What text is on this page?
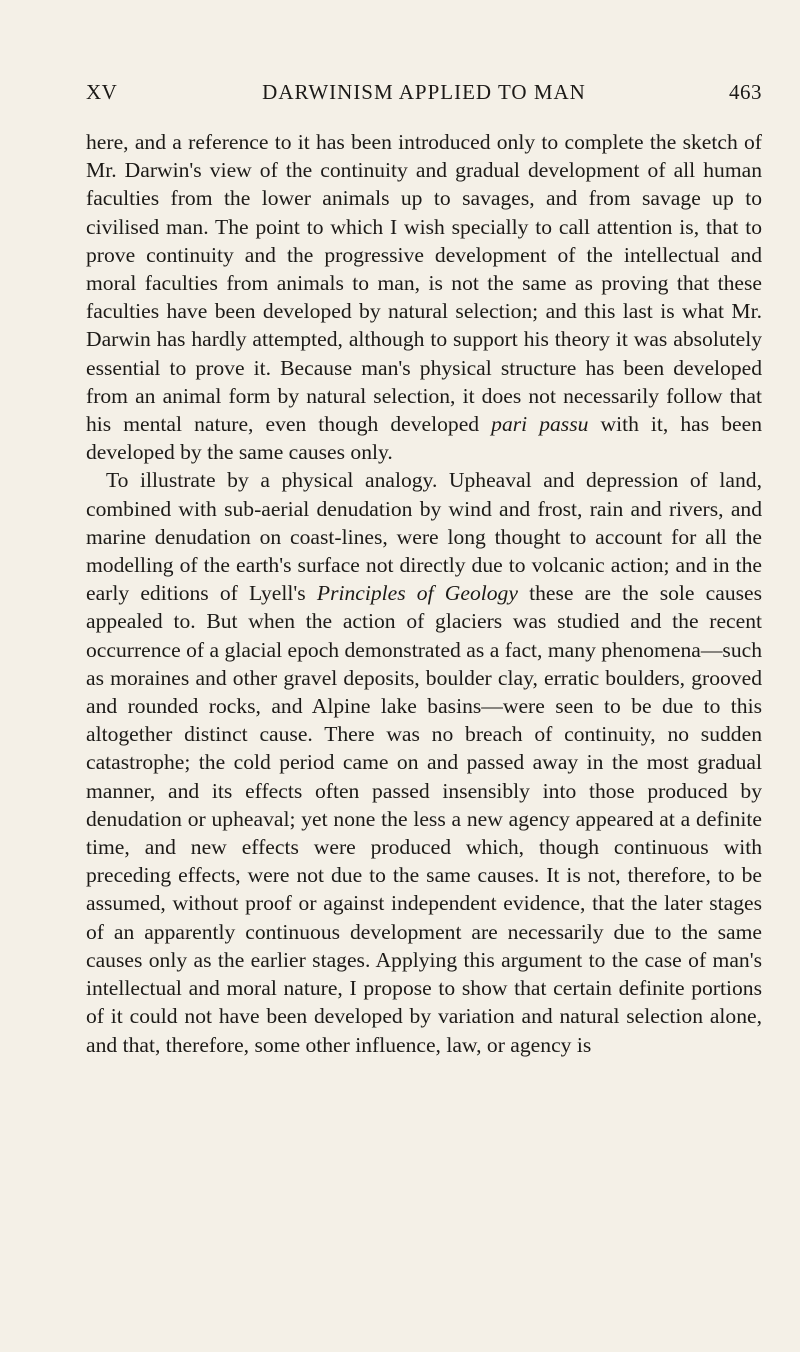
XV	DARWINISM APPLIED TO MAN	463

here, and a reference to it has been introduced only to complete the sketch of Mr. Darwin's view of the continuity and gradual development of all human faculties from the lower animals up to savages, and from savage up to civilised man. The point to which I wish specially to call attention is, that to prove continuity and the progressive development of the intellectual and moral faculties from animals to man, is not the same as proving that these faculties have been developed by natural selection; and this last is what Mr. Darwin has hardly attempted, although to support his theory it was absolutely essential to prove it. Because man's physical structure has been developed from an animal form by natural selection, it does not necessarily follow that his mental nature, even though developed pari passu with it, has been developed by the same causes only.

To illustrate by a physical analogy. Upheaval and depression of land, combined with sub-aerial denudation by wind and frost, rain and rivers, and marine denudation on coast-lines, were long thought to account for all the modelling of the earth's surface not directly due to volcanic action; and in the early editions of Lyell's Principles of Geology these are the sole causes appealed to. But when the action of glaciers was studied and the recent occurrence of a glacial epoch demonstrated as a fact, many phenomena—such as moraines and other gravel deposits, boulder clay, erratic boulders, grooved and rounded rocks, and Alpine lake basins—were seen to be due to this altogether distinct cause. There was no breach of continuity, no sudden catastrophe; the cold period came on and passed away in the most gradual manner, and its effects often passed insensibly into those produced by denudation or upheaval; yet none the less a new agency appeared at a definite time, and new effects were produced which, though continuous with preceding effects, were not due to the same causes. It is not, therefore, to be assumed, without proof or against independent evidence, that the later stages of an apparently continuous development are necessarily due to the same causes only as the earlier stages. Applying this argument to the case of man's intellectual and moral nature, I propose to show that certain definite portions of it could not have been developed by variation and natural selection alone, and that, therefore, some other influence, law, or agency is
